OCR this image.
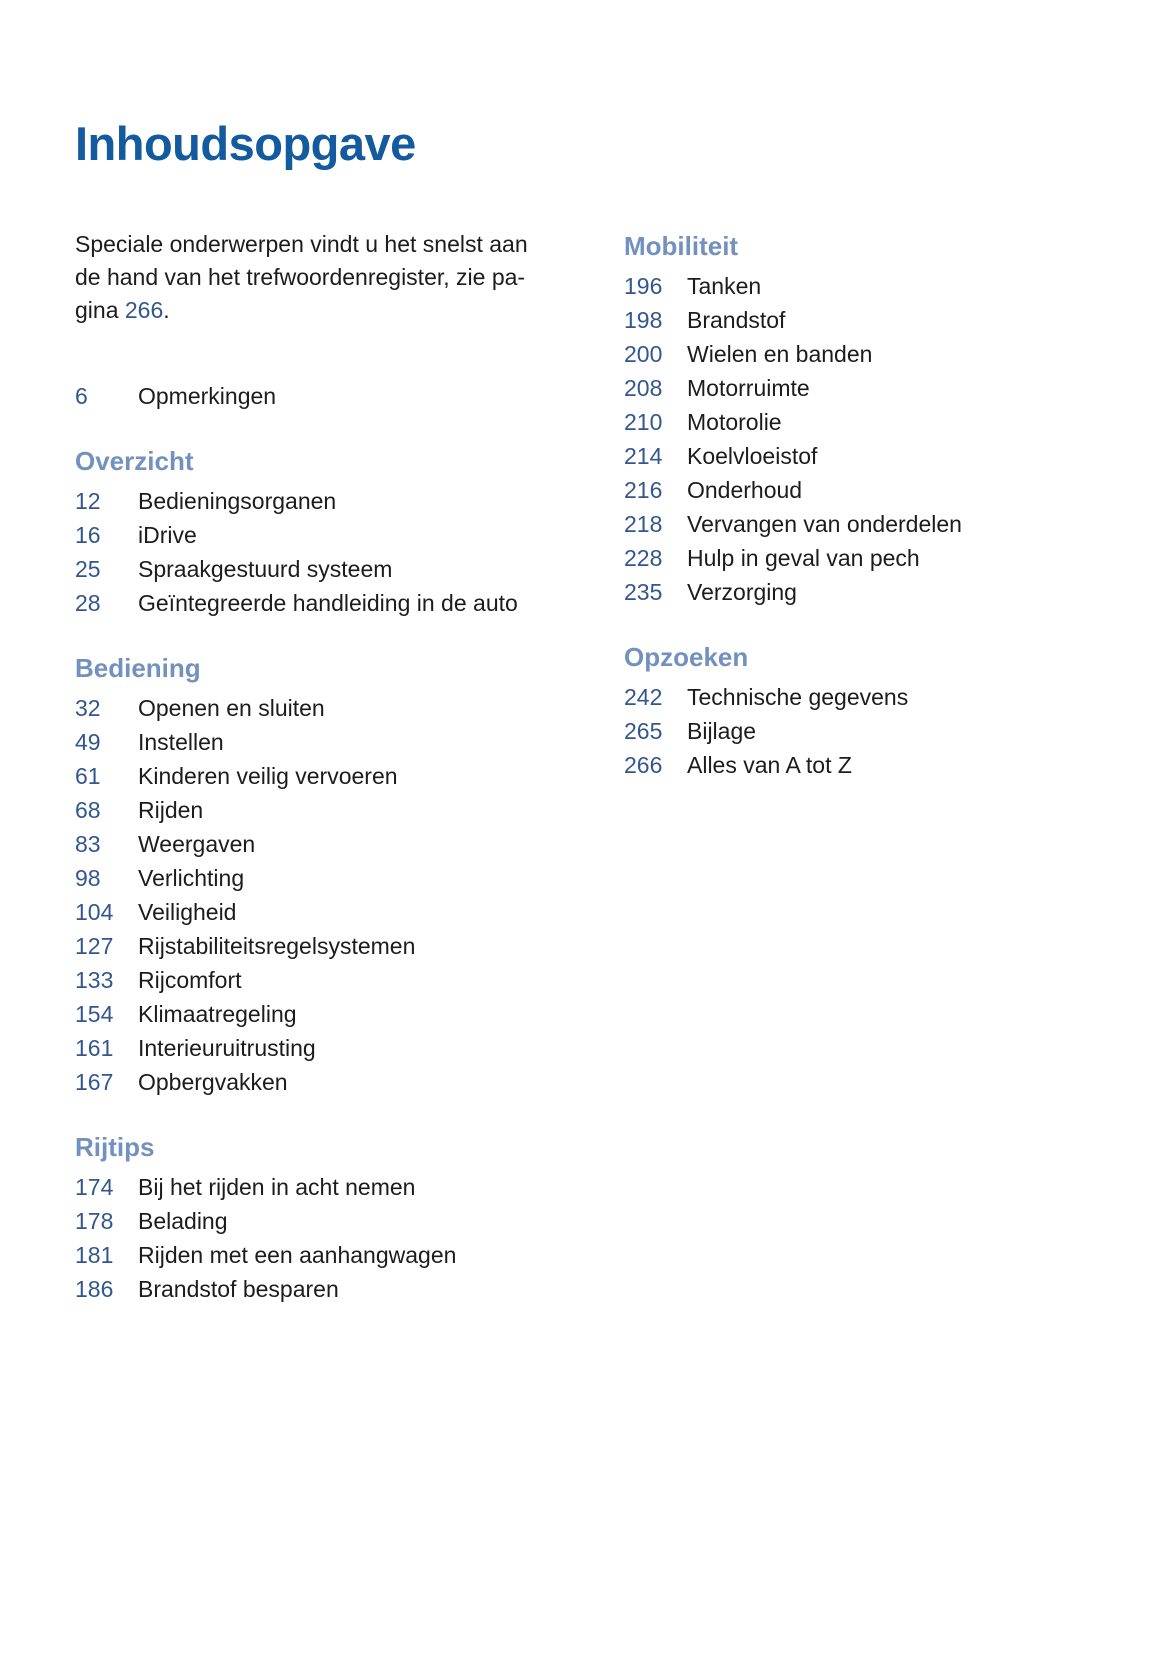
Inhoudsopgave

Speciale onderwerpen vindt u het snelst aan
de hand van het trefwoordenregister, zie pa-
gina 266.

6	Opmerkingen
Overzicht
12	Bedieningsorganen
16	iDrive
25	Spraakgestuurd systeem
28	Geïntegreerde handleiding in de auto
Bediening
32	Openen en sluiten
49	Instellen
61	Kinderen veilig vervoeren
68	Rijden
83	Weergaven
98	Verlichting
104	Veiligheid
127	Rijstabiliteitsregelsystemen
133	Rijcomfort
154	Klimaatregeling
161	Interieuruitrusting
167	Opbergvakken
Rijtips
174	Bij het rijden in acht nemen
178	Belading
181	Rijden met een aanhangwagen
186	Brandstof besparen
Mobiliteit
196	Tanken
198	Brandstof
200	Wielen en banden
208	Motorruimte
210	Motorolie
214	Koelvloeistof
216	Onderhoud
218	Vervangen van onderdelen
228	Hulp in geval van pech
235	Verzorging
Opzoeken
242	Technische gegevens
265	Bijlage
266	Alles van A tot Z
